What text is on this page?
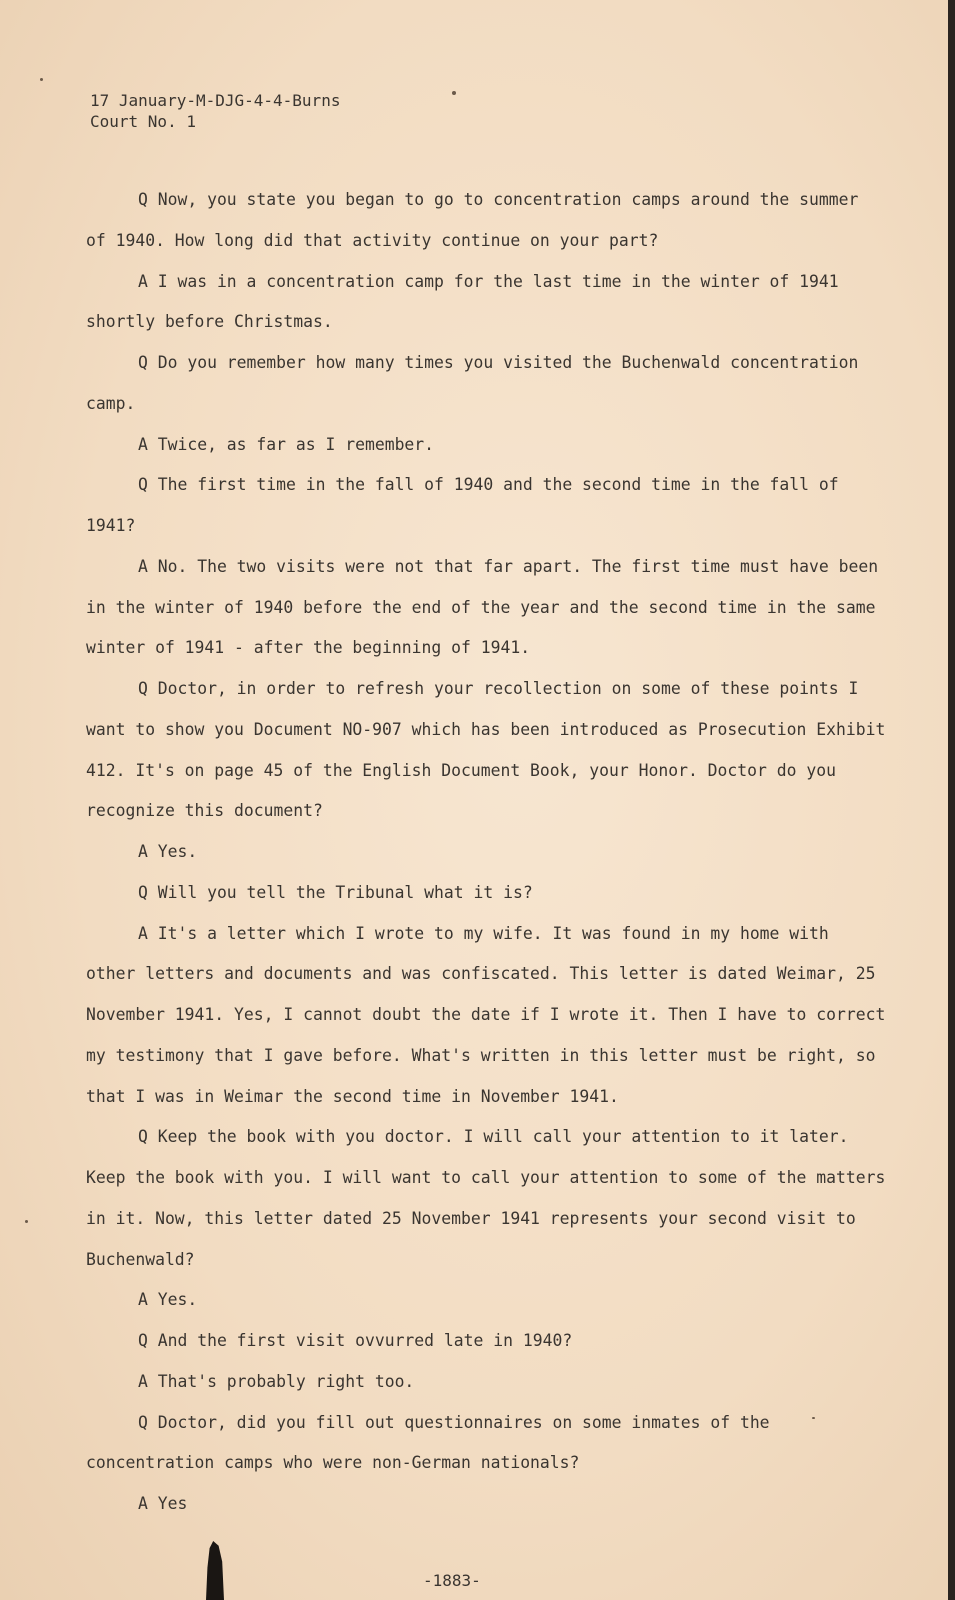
17 January-M-DJG-4-4-Burns
Court No. 1

Q Now, you state you began to go to concentration camps around the summer of 1940. How long did that activity continue on your part?

A I was in a concentration camp for the last time in the winter of 1941 shortly before Christmas.

Q Do you remember how many times you visited the Buchenwald concentration camp.

A Twice, as far as I remember.

Q The first time in the fall of 1940 and the second time in the fall of 1941?

A No. The two visits were not that far apart. The first time must have been in the winter of 1940 before the end of the year and the second time in the same winter of 1941 - after the beginning of 1941.

Q Doctor, in order to refresh your recollection on some of these points I want to show you Document NO-907 which has been introduced as Prosecution Exhibit 412. It's on page 45 of the English Document Book, your Honor. Doctor do you recognize this document?

A Yes.

Q Will you tell the Tribunal what it is?

A It's a letter which I wrote to my wife. It was found in my home with other letters and documents and was confiscated. This letter is dated Weimar, 25 November 1941. Yes, I cannot doubt the date if I wrote it. Then I have to correct my testimony that I gave before. What's written in this letter must be right, so that I was in Weimar the second time in November 1941.

Q Keep the book with you doctor. I will call your attention to it later. Keep the book with you. I will want to call your attention to some of the matters in it. Now, this letter dated 25 November 1941 represents your second visit to Buchenwald?

A Yes.

Q And the first visit ovvurred late in 1940?

A That's probably right too.

Q Doctor, did you fill out questionnaires on some inmates of the concentration camps who were non-German nationals?

A Yes

-1883-
